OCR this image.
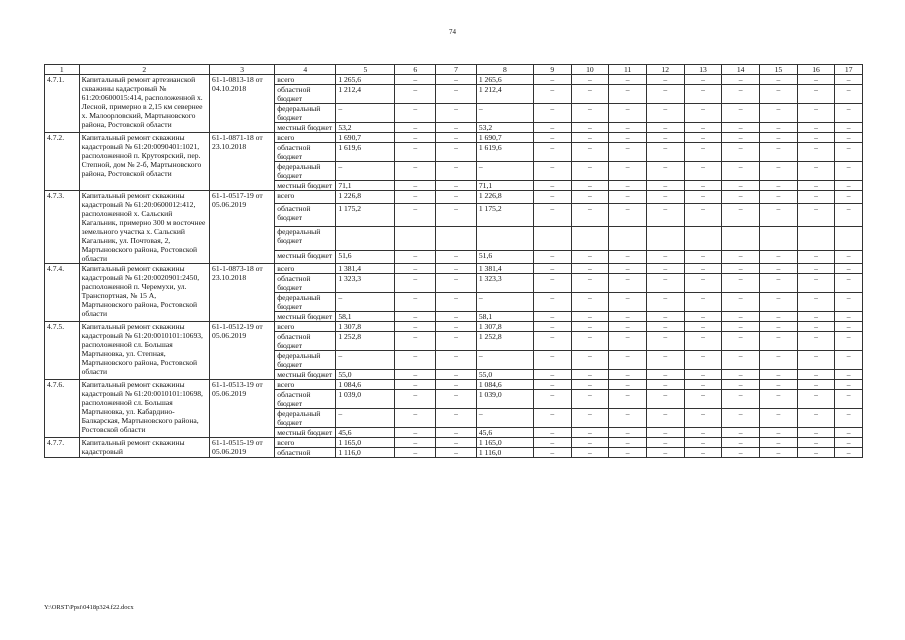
74
1	2	3	4	5	6	7	8	9	10	11	12	13	14	15	16	17
4.7.1.	Капитальный ремонт артезианской скважины кадастровый № 61:20:0600015:414, расположенной х. Лесной, примерно в 2,15 км севернее х. Малоорловский, Мартыновского района, Ростовской области	61-1-0813-18 от 04.10.2018	всего	1 265,6	–	–	1 265,6	–	–	–	–	–	–	–	–	–
			областной бюджет	1 212,4	–	–	1 212,4	–	–	–	–	–	–	–	–	–
			федеральный бюджет	–	–	–	–	–	–	–	–	–	–	–	–	–
			местный бюджет	53,2	–	–	53,2	–	–	–	–	–	–	–	–	–
4.7.2.	Капитальный ремонт скважины кадастровый № 61:20:0090401:1021, расположенной п. Крутоярский, пер. Степной, дом № 2-б, Мартыновского района, Ростовской области	61-1-0871-18 от 23.10.2018	всего	1 690,7	–	–	1 690,7	–	–	–	–	–	–	–	–	–
			областной бюджет	1 619,6	–	–	1 619,6	–	–	–	–	–	–	–	–	–
			федеральный бюджет	–	–	–	–	–	–	–	–	–	–	–	–	–
			местный бюджет	71,1	–	–	71,1	–	–	–	–	–	–	–	–	–
4.7.3.	Капитальный ремонт скважины кадастровый № 61:20:0600012:412, расположенной х. Сальский Кагальник, примерно 300 м восточнее земельного участка х. Сальский Кагальник, ул. Почтовая, 2, Мартыновского района, Ростовской области	61-1-0517-19 от 05.06.2019	всего	1 226,8	–	–	1 226,8	–	–	–	–	–	–	–	–	–
			областной бюджет	1 175,2	–	–	1 175,2	–	–	–	–	–	–	–	–	–
			федеральный бюджет													
			местный бюджет	51,6	–	–	51,6	–	–	–	–	–	–	–	–	–
4.7.4.	Капитальный ремонт скважины кадастровый № 61:20:0020901:2450, расположенной п. Черемухи, ул. Транспортная, № 15 А, Мартыновского района, Ростовской области	61-1-0873-18 от 23.10.2018	всего	1 381,4	–	–	1 381,4	–	–	–	–	–	–	–	–	–
			областной бюджет	1 323,3	–	–	1 323,3	–	–	–	–	–	–	–	–	–
			федеральный бюджет	–	–	–	–	–	–	–	–	–	–	–	–	–
			местный бюджет	58,1	–	–	58,1	–	–	–	–	–	–	–	–	–
4.7.5.	Капитальный ремонт скважины кадастровый № 61:20:0010101:10693, расположенной сл. Большая Мартыновка, ул. Степная, Мартыновского района, Ростовской области	61-1-0512-19 от 05.06.2019	всего	1 307,8	–	–	1 307,8	–	–	–	–	–	–	–	–	–
			областной бюджет	1 252,8	–	–	1 252,8	–	–	–	–	–	–	–	–	–
			федеральный бюджет	–	–	–	–	–	–	–	–	–	–	–	–	–
			местный бюджет	55,0	–	–	55,0	–	–	–	–	–	–	–	–	–
4.7.6.	Капитальный ремонт скважины кадастровый № 61:20:0010101:10698, расположенной сл. Большая Мартыновка, ул. Кабардино-Балкарская, Мартыновского района, Ростовской области	61-1-0513-19 от 05.06.2019	всего	1 084,6	–	–	1 084,6	–	–	–	–	–	–	–	–	–
			областной бюджет	1 039,0	–	–	1 039,0	–	–	–	–	–	–	–	–	–
			федеральный бюджет	–	–	–	–	–	–	–	–	–	–	–	–	–
			местный бюджет	45,6	–	–	45,6	–	–	–	–	–	–	–	–	–
4.7.7.	Капитальный ремонт скважины кадастровый	61-1-0515-19 от 05.06.2019	всего	1 165,0	–	–	1 165,0	–	–	–	–	–	–	–	–	–
			областной	1 116,0	–	–	1 116,0	–	–	–	–	–	–	–	–	–
Y:\ORST\Ppsi\0418p324.f22.docx
